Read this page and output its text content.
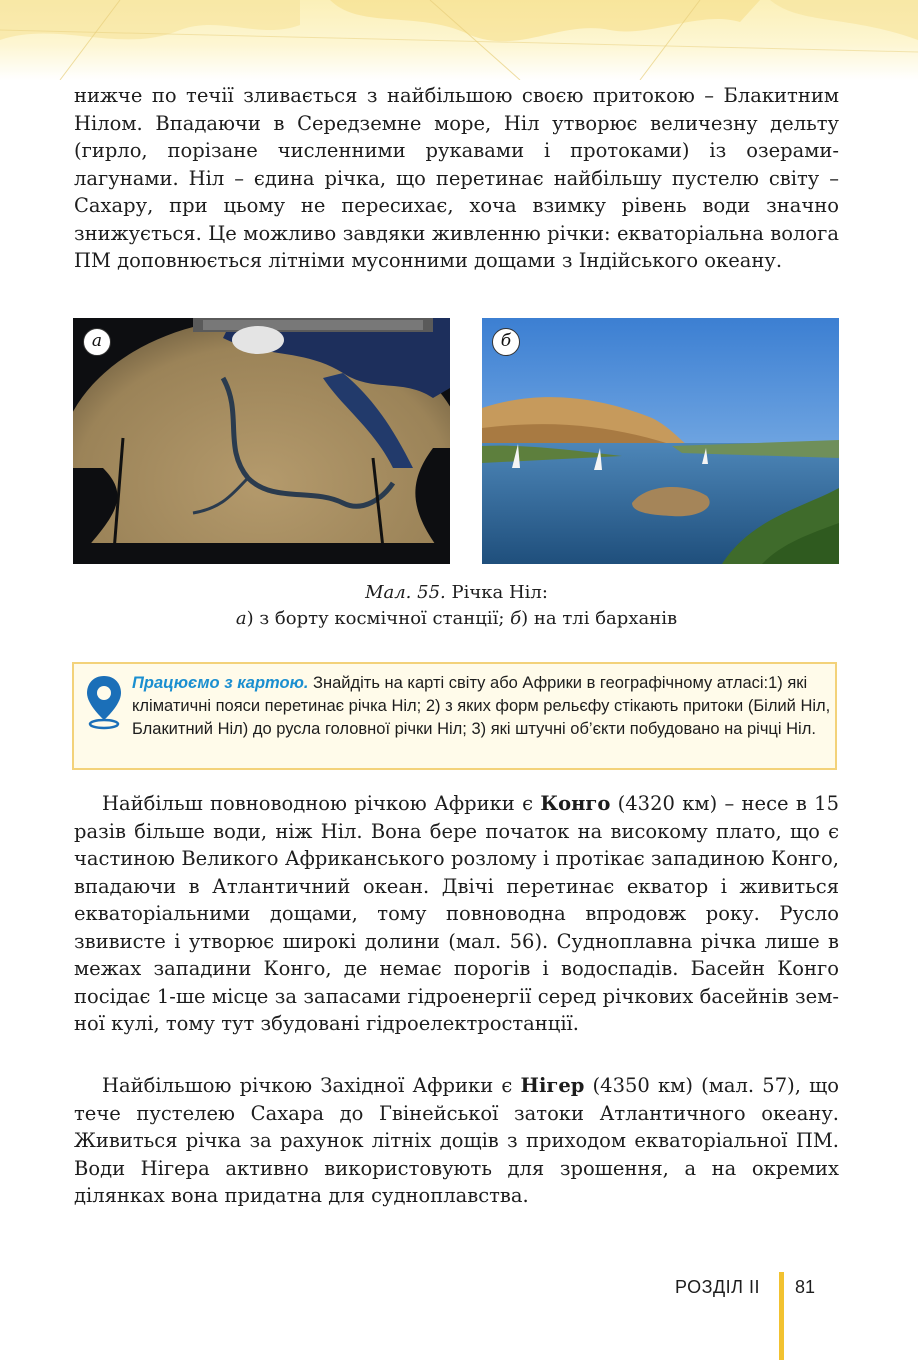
нижче по течії зливається з найбільшою своєю притокою – Блакитним Нілом. Впадаючи в Середземне море, Ніл утворює величезну дельту (гирло, порізане численними рукавами і протоками) із озерами-лагунами. Ніл – єдина річка, що перетинає найбільшу пустелю світу – Сахару, при цьому не пересихає, хоча взимку рівень води значно знижується. Це можливо завдяки живленню річки: екваторіальна волога ПМ доповнюється літніми мусонними дощами з Індійського океану.

а	б
Мал. 55. Річка Ніл:
а) з борту космічної станції; б) на тлі барханів
Працюємо з картою. Знайдіть на карті світу або Африки в географічному атласі:1) які кліматичні пояси перетинає річка Ніл; 2) з яких форм рельєфу стікають притоки (Білий Ніл, Блакитний Ніл) до русла головної річки Ніл; 3) які штучні об’єкти побудовано на річці Ніл.

Найбільш повноводною річкою Африки є Конго (4320 км) – несе в 15 разів більше води, ніж Ніл. Вона бере початок на високому плато, що є частиною Великого Африканського розлому і протікає западиною Конго, впадаючи в Атлантичний океан. Двічі перетинає екватор і живиться екваторіальними дощами, тому повноводна впродовж року. Русло звивисте і утворює широкі долини (мал. 56). Судноплавна річка лише в межах западини Конго, де немає порогів і водоспадів. Басейн Конго посідає 1-ше місце за запасами гідроенергії серед річкових басейнів земної кулі, тому тут збудовані гідроелектростанції.

Найбільшою річкою Західної Африки є Нігер (4350 км) (мал. 57), що тече пустелею Сахара до Гвінейської затоки Атлантичного океану. Живиться річка за рахунок літніх дощів з приходом екваторіальної ПМ. Води Нігера активно використовують для зрошення, а на окремих ділянках вона придатна для судноплавства.

РОЗДІЛ ІІ 81
